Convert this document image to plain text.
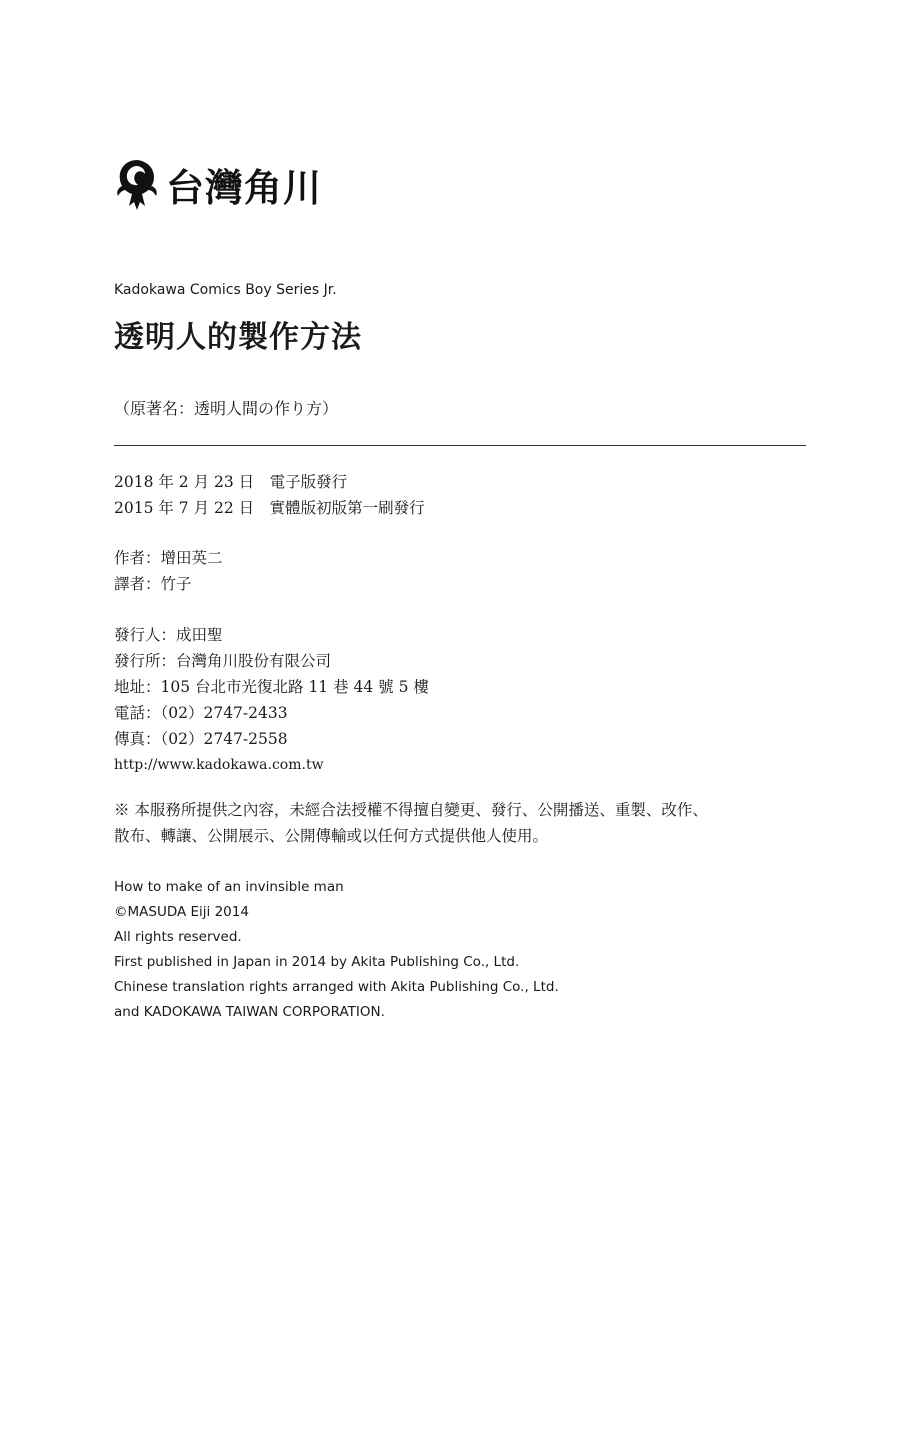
台灣角川
Kadokawa Comics Boy Series Jr.
透明人的製作方法
（原著名：透明人間の作り方）
2018 年 2 月 23 日　電子版發行
2015 年 7 月 22 日　實體版初版第一刷發行
作者：增田英二
譯者：竹子
發行人：成田聖
發行所：台灣角川股份有限公司
地址：105 台北市光復北路 11 巷 44 號 5 樓
電話：（02）2747-2433
傳真：（02）2747-2558
http://www.kadokawa.com.tw
※ 本服務所提供之內容，未經合法授權不得擅自變更、發行、公開播送、重製、改作、
散布、轉讓、公開展示、公開傳輸或以任何方式提供他人使用。
How to make of an invinsible man
©MASUDA Eiji 2014
All rights reserved.
First published in Japan in 2014 by Akita Publishing Co., Ltd.
Chinese translation rights arranged with Akita Publishing Co., Ltd.
and KADOKAWA TAIWAN CORPORATION.
